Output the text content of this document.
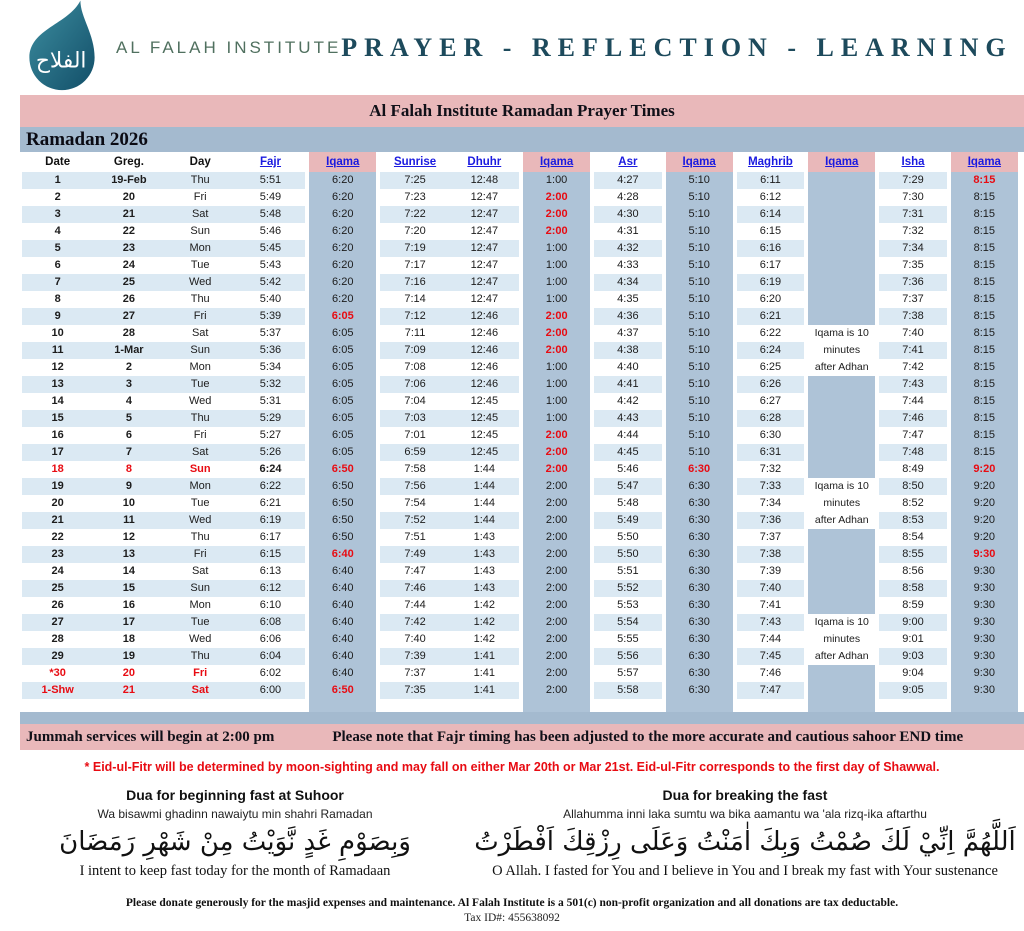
الفلاح
AL FALAH INSTITUTE PRAYER - REFLECTION - LEARNING
Al Falah Institute Ramadan Prayer Times
Ramadan 2026
Date	Greg.	Day	Fajr	Iqama	Sunrise	Dhuhr	Iqama	Asr	Iqama	Maghrib	Iqama	Isha	Iqama
1	19-Feb	Thu	5:51	6:20	7:25	12:48	1:00	4:27	5:10	6:11		7:29	8:15
2	20	Fri	5:49	6:20	7:23	12:47	2:00	4:28	5:10	6:12		7:30	8:15
3	21	Sat	5:48	6:20	7:22	12:47	2:00	4:30	5:10	6:14		7:31	8:15
4	22	Sun	5:46	6:20	7:20	12:47	2:00	4:31	5:10	6:15		7:32	8:15
5	23	Mon	5:45	6:20	7:19	12:47	1:00	4:32	5:10	6:16		7:34	8:15
6	24	Tue	5:43	6:20	7:17	12:47	1:00	4:33	5:10	6:17		7:35	8:15
7	25	Wed	5:42	6:20	7:16	12:47	1:00	4:34	5:10	6:19		7:36	8:15
8	26	Thu	5:40	6:20	7:14	12:47	1:00	4:35	5:10	6:20		7:37	8:15
9	27	Fri	5:39	6:05	7:12	12:46	2:00	4:36	5:10	6:21		7:38	8:15
10	28	Sat	5:37	6:05	7:11	12:46	2:00	4:37	5:10	6:22	Iqama is 10	7:40	8:15
11	1-Mar	Sun	5:36	6:05	7:09	12:46	2:00	4:38	5:10	6:24	minutes	7:41	8:15
12	2	Mon	5:34	6:05	7:08	12:46	1:00	4:40	5:10	6:25	after Adhan	7:42	8:15
13	3	Tue	5:32	6:05	7:06	12:46	1:00	4:41	5:10	6:26		7:43	8:15
14	4	Wed	5:31	6:05	7:04	12:45	1:00	4:42	5:10	6:27		7:44	8:15
15	5	Thu	5:29	6:05	7:03	12:45	1:00	4:43	5:10	6:28		7:46	8:15
16	6	Fri	5:27	6:05	7:01	12:45	2:00	4:44	5:10	6:30		7:47	8:15
17	7	Sat	5:26	6:05	6:59	12:45	2:00	4:45	5:10	6:31		7:48	8:15
18	8	Sun	6:24	6:50	7:58	1:44	2:00	5:46	6:30	7:32		8:49	9:20
19	9	Mon	6:22	6:50	7:56	1:44	2:00	5:47	6:30	7:33	Iqama is 10	8:50	9:20
20	10	Tue	6:21	6:50	7:54	1:44	2:00	5:48	6:30	7:34	minutes	8:52	9:20
21	11	Wed	6:19	6:50	7:52	1:44	2:00	5:49	6:30	7:36	after Adhan	8:53	9:20
22	12	Thu	6:17	6:50	7:51	1:43	2:00	5:50	6:30	7:37		8:54	9:20
23	13	Fri	6:15	6:40	7:49	1:43	2:00	5:50	6:30	7:38		8:55	9:30
24	14	Sat	6:13	6:40	7:47	1:43	2:00	5:51	6:30	7:39		8:56	9:30
25	15	Sun	6:12	6:40	7:46	1:43	2:00	5:52	6:30	7:40		8:58	9:30
26	16	Mon	6:10	6:40	7:44	1:42	2:00	5:53	6:30	7:41		8:59	9:30
27	17	Tue	6:08	6:40	7:42	1:42	2:00	5:54	6:30	7:43	Iqama is 10	9:00	9:30
28	18	Wed	6:06	6:40	7:40	1:42	2:00	5:55	6:30	7:44	minutes	9:01	9:30
29	19	Thu	6:04	6:40	7:39	1:41	2:00	5:56	6:30	7:45	after Adhan	9:03	9:30
*30	20	Fri	6:02	6:40	7:37	1:41	2:00	5:57	6:30	7:46		9:04	9:30
1-Shw	21	Sat	6:00	6:50	7:35	1:41	2:00	5:58	6:30	7:47		9:05	9:30

Jummah services will begin at 2:00 pm	Please note that Fajr timing has been adjusted to the more accurate and cautious sahoor END time
* Eid-ul-Fitr will be determined by moon-sighting and may fall on either Mar 20th or Mar 21st. Eid-ul-Fitr corresponds to the first day of Shawwal.
Dua for beginning fast at Suhoor
Wa bisawmi ghadinn nawaiytu min shahri Ramadan
وَبِصَوْمِ غَدٍ نَّوَيْتُ مِنْ شَهْرِ رَمَضَانَ
I intent to keep fast today for the month of Ramadaan
Dua for breaking the fast
Allahumma inni laka sumtu wa bika aamantu wa 'ala rizq-ika aftarthu
اَللَّهُمَّ اِنِّيْ لَكَ صُمْتُ وَبِكَ اٰمَنْتُ وَعَلَى رِزْقِكَ اَفْطَرْتُ
O Allah. I fasted for You and I believe in You and I break my fast with Your sustenance
Please donate generously for the masjid expenses and maintenance. Al Falah Institute is a 501(c) non-profit organization and all donations are tax deductable.
Tax ID#: 455638092
